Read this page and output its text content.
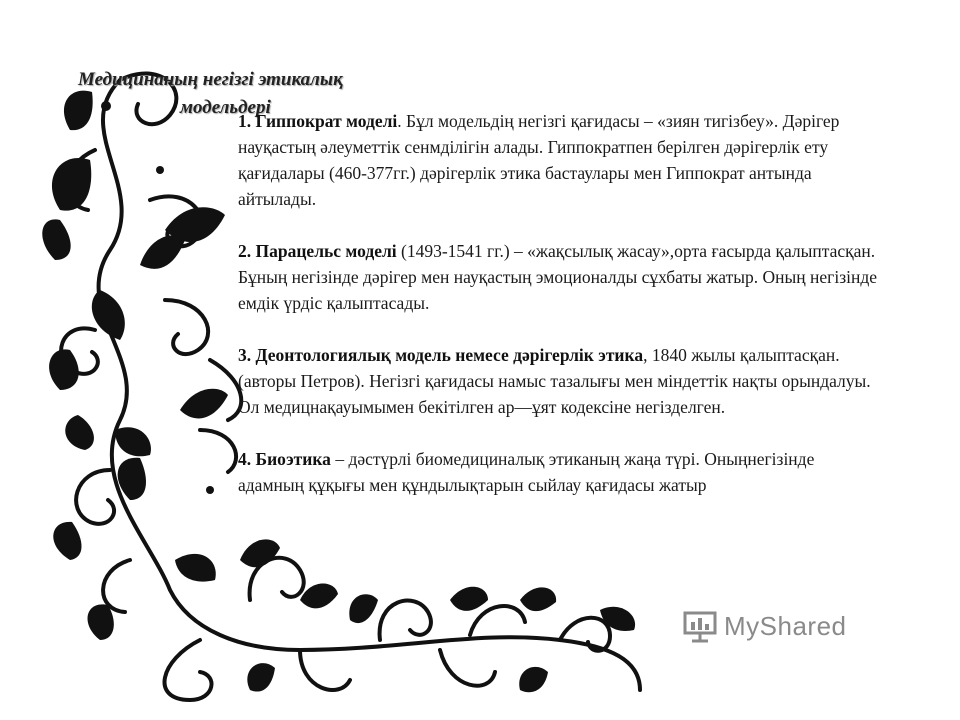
Медицинаның негізгі этикалық
модельдері

1. Гиппократ моделі. Бұл модельдің негізгі қағидасы – «зиян тигізбеу». Дәрігер науқастың әлеуметтік сенмділігін алады. Гиппократпен берілген дәрігерлік ету қағидалары (460-377гг.) дәрігерлік этика бастаулары мен Гиппократ антында айтылады.

2. Парацельс моделі (1493-1541 гг.) – «жақсылық жасау»,орта ғасырда қалыптасқан. Бұның негізінде дәрігер мен науқастың эмоционалды сұхбаты жатыр. Оның негізінде емдік үрдіс қалыптасады.

3. Деонтологиялық модель немесе дәрігерлік этика, 1840 жылы қалыптасқан. (авторы Петров). Негізгі қағидасы намыс тазалығы мен міндеттік нақты орындалуы. Ол медицнақауымымен бекітілген ар—ұят кодексіне негізделген.

4. Биоэтика – дәстүрлі биомедициналық этиканың жаңа түрі. Оныңнегізінде адамның құқығы мен құндылықтарын сыйлау қағидасы жатыр

MyShared
